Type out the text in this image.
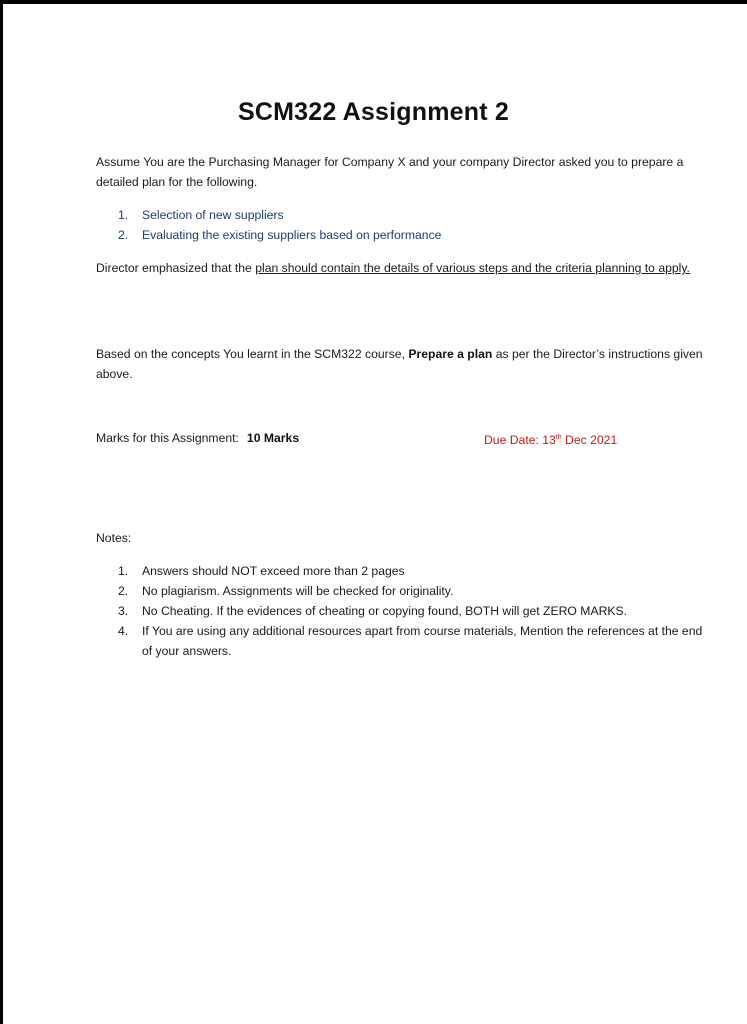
SCM322 Assignment 2
Assume You are the Purchasing Manager for Company X and your company Director asked you to prepare a detailed plan for the following.
1. Selection of new suppliers
2. Evaluating the existing suppliers based on performance
Director emphasized that the plan should contain the details of various steps and the criteria planning to apply.
Based on the concepts You learnt in the SCM322 course, Prepare a plan as per the Director’s instructions given above.
Marks for this Assignment: 10 Marks	Due Date: 13th Dec 2021
Notes:
1. Answers should NOT exceed more than 2 pages
2. No plagiarism. Assignments will be checked for originality.
3. No Cheating. If the evidences of cheating or copying found, BOTH will get ZERO MARKS.
4. If You are using any additional resources apart from course materials, Mention the references at the end of your answers.
